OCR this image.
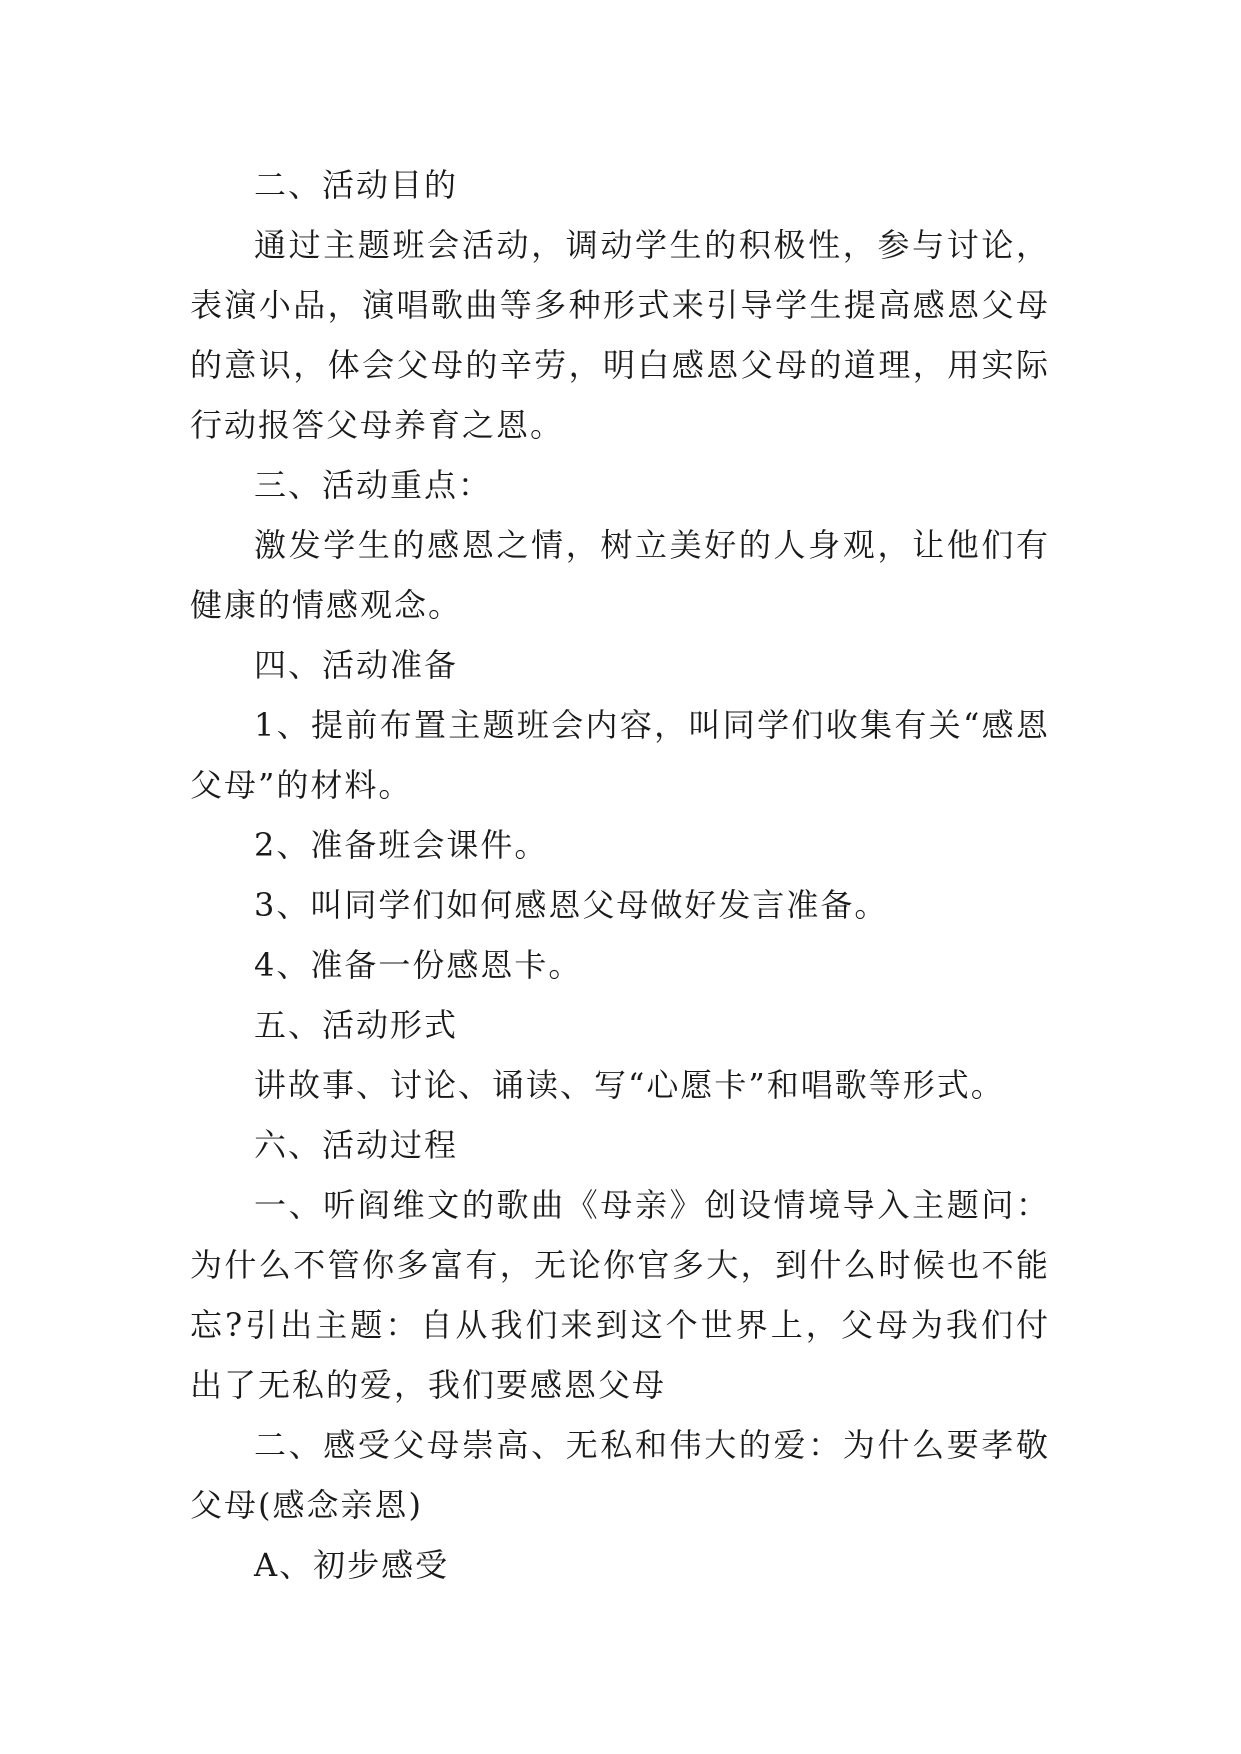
二、活动目的

通过主题班会活动，调动学生的积极性，参与讨论，表演小品，演唱歌曲等多种形式来引导学生提高感恩父母的意识，体会父母的辛劳，明白感恩父母的道理，用实际行动报答父母养育之恩。

三、活动重点：

激发学生的感恩之情，树立美好的人身观，让他们有健康的情感观念。

四、活动准备

1、提前布置主题班会内容，叫同学们收集有关“感恩父母”的材料。

2、准备班会课件。

3、叫同学们如何感恩父母做好发言准备。

4、准备一份感恩卡。

五、活动形式

讲故事、讨论、诵读、写“心愿卡”和唱歌等形式。

六、活动过程

一、听阎维文的歌曲《母亲》创设情境导入主题问：为什么不管你多富有，无论你官多大，到什么时候也不能忘?引出主题：自从我们来到这个世界上，父母为我们付出了无私的爱，我们要感恩父母

二、感受父母崇高、无私和伟大的爱：为什么要孝敬父母(感念亲恩)

A、初步感受
